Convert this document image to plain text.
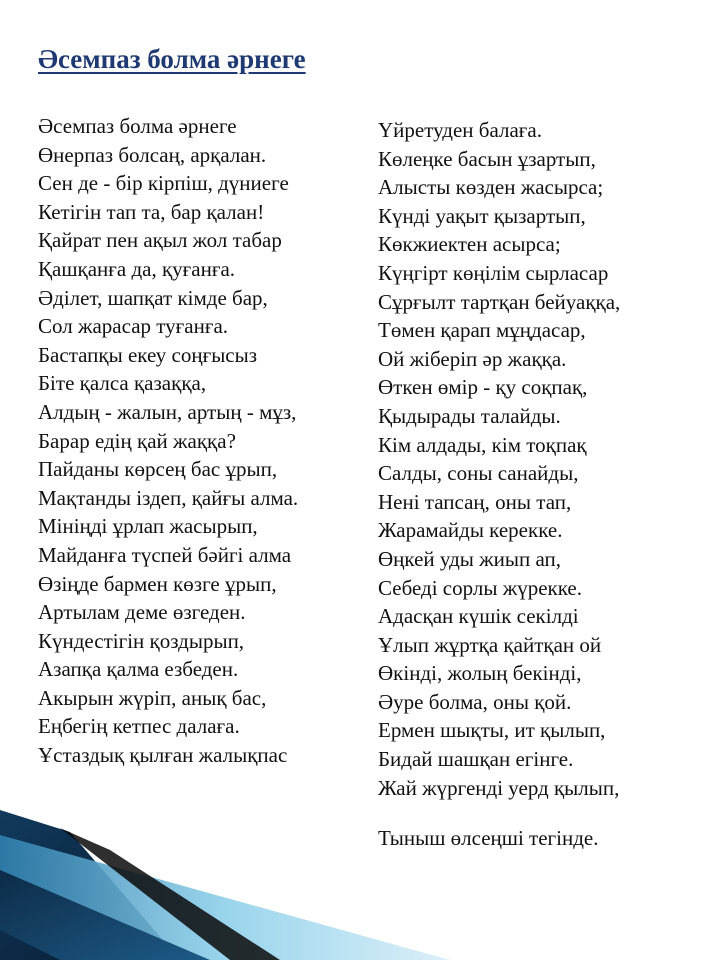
Әсемпаз болма әрнеге
Әсемпаз болма әрнеге
Өнерпаз болсаң, арқалан.
Сен де - бір кірпіш, дүниеге
Кетігін тап та, бар қалан!
Қайрат пен ақыл жол табар
Қашқанға да, қуғанға.
Әділет, шапқат кімде бар,
Сол жарасар туғанға.
Бастапқы екеу соңғысыз
Біте қалса қазаққа,
Алдың - жалын, артың - мұз,
Барар едің қай жаққа?
Пайданы көрсең бас ұрып,
Мақтанды іздеп, қайғы алма.
Мініңді ұрлап жасырып,
Майданға түспей бәйгі алма
Өзіңде бармен көзге ұрып,
Артылам деме өзгеден.
Күндестігін қоздырып,
Азапқа қалма езбеден.
Акырын жүріп, анық бас,
Еңбегің кетпес далаға.
Ұстаздық қылған жалықпас
Үйретуден балаға.
Көлеңке басын ұзартып,
Алысты көзден жасырса;
Күнді уақыт қызартып,
Көкжиектен асырса;
Күңгірт көңілім сырласар
Сұрғылт тартқан бейуаққа,
Төмен қарап мұңдасар,
Ой жіберіп әр жаққа.
Өткен өмір - қу соқпақ,
Қыдырады талайды.
Кім алдады, кім тоқпақ
Салды, соны санайды,
Нені тапсаң, оны тап,
Жарамайды керекке.
Өңкей уды жиып ап,
Себеді сорлы жүрекке.
Адасқан күшік секілді
Ұлып жұртқа қайтқан ой
Өкінді, жолың бекінді,
Әуре болма, оны қой.
Ермен шықты, ит қылып,
Бидай шашқан егінге.
Жай жүргенді уерд қылып,
Тыныш өлсеңші тегінде.
